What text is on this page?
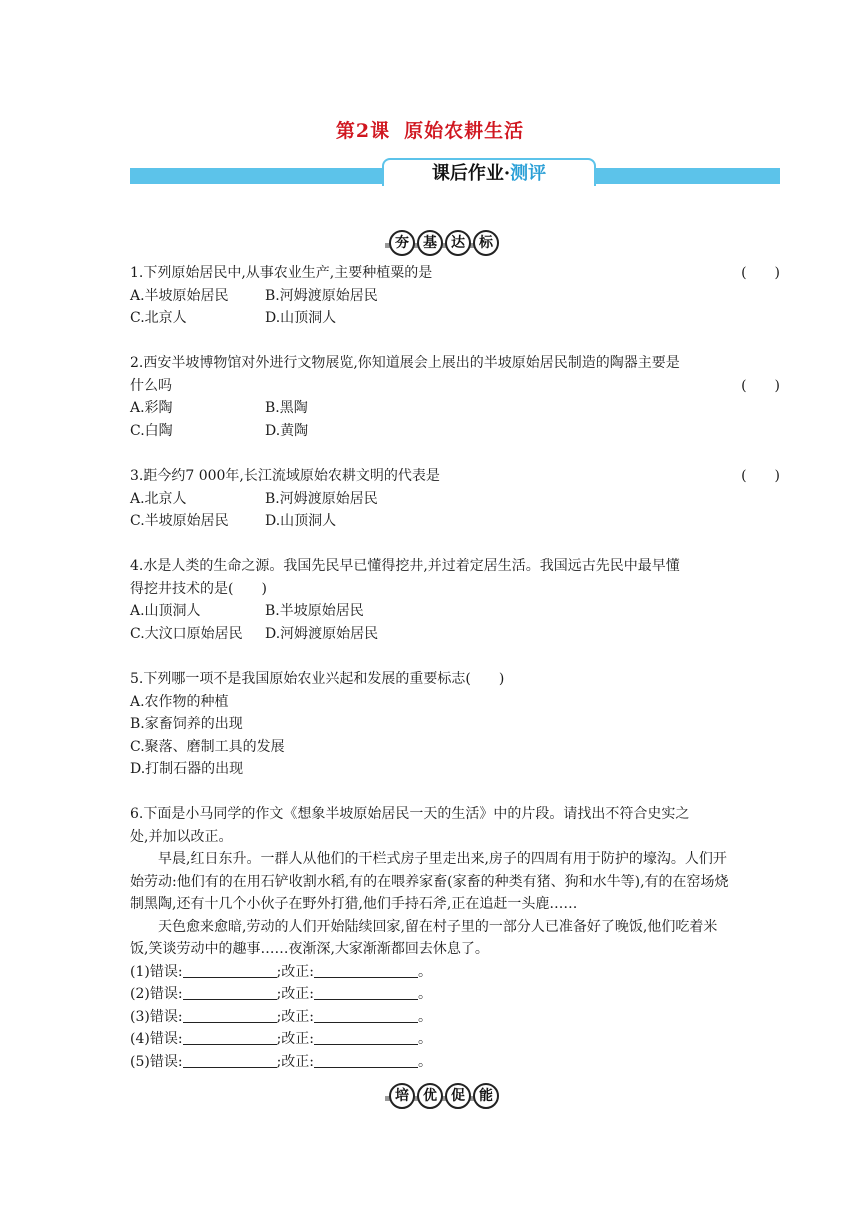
第2课 原始农耕生活
课后作业·测评
夯	基	达	标
1.下列原始居民中,从事农业生产,主要种植粟的是	(　　)
A.半坡原始居民	B.河姆渡原始居民
C.北京人	D.山顶洞人
2.西安半坡博物馆对外进行文物展览,你知道展会上展出的半坡原始居民制造的陶器主要是
什么吗	(　　)
A.彩陶	B.黑陶
C.白陶	D.黄陶
3.距今约7 000年,长江流域原始农耕文明的代表是	(　　)
A.北京人	B.河姆渡原始居民
C.半坡原始居民	D.山顶洞人
4.水是人类的生命之源。我国先民早已懂得挖井,并过着定居生活。我国远古先民中最早懂
得挖井技术的是(　　)
A.山顶洞人	B.半坡原始居民
C.大汶口原始居民	D.河姆渡原始居民
5.下列哪一项不是我国原始农业兴起和发展的重要标志(　　)
A.农作物的种植
B.家畜饲养的出现
C.聚落、磨制工具的发展
D.打制石器的出现
6.下面是小马同学的作文《想象半坡原始居民一天的生活》中的片段。请找出不符合史实之
处,并加以改正。
早晨,红日东升。一群人从他们的干栏式房子里走出来,房子的四周有用于防护的壕沟。人们开始劳动:他们有的在用石铲收割水稻,有的在喂养家畜(家畜的种类有猪、狗和水牛等),有的在窑场烧制黑陶,还有十几个小伙子在野外打猎,他们手持石斧,正在追赶一头鹿……
天色愈来愈暗,劳动的人们开始陆续回家,留在村子里的一部分人已准备好了晚饭,他们吃着米饭,笑谈劳动中的趣事……夜渐深,大家渐渐都回去休息了。
(1)错误:	;改正:	。
(2)错误:	;改正:	。
(3)错误:	;改正:	。
(4)错误:	;改正:	。
(5)错误:	;改正:	。
培	优	促	能
